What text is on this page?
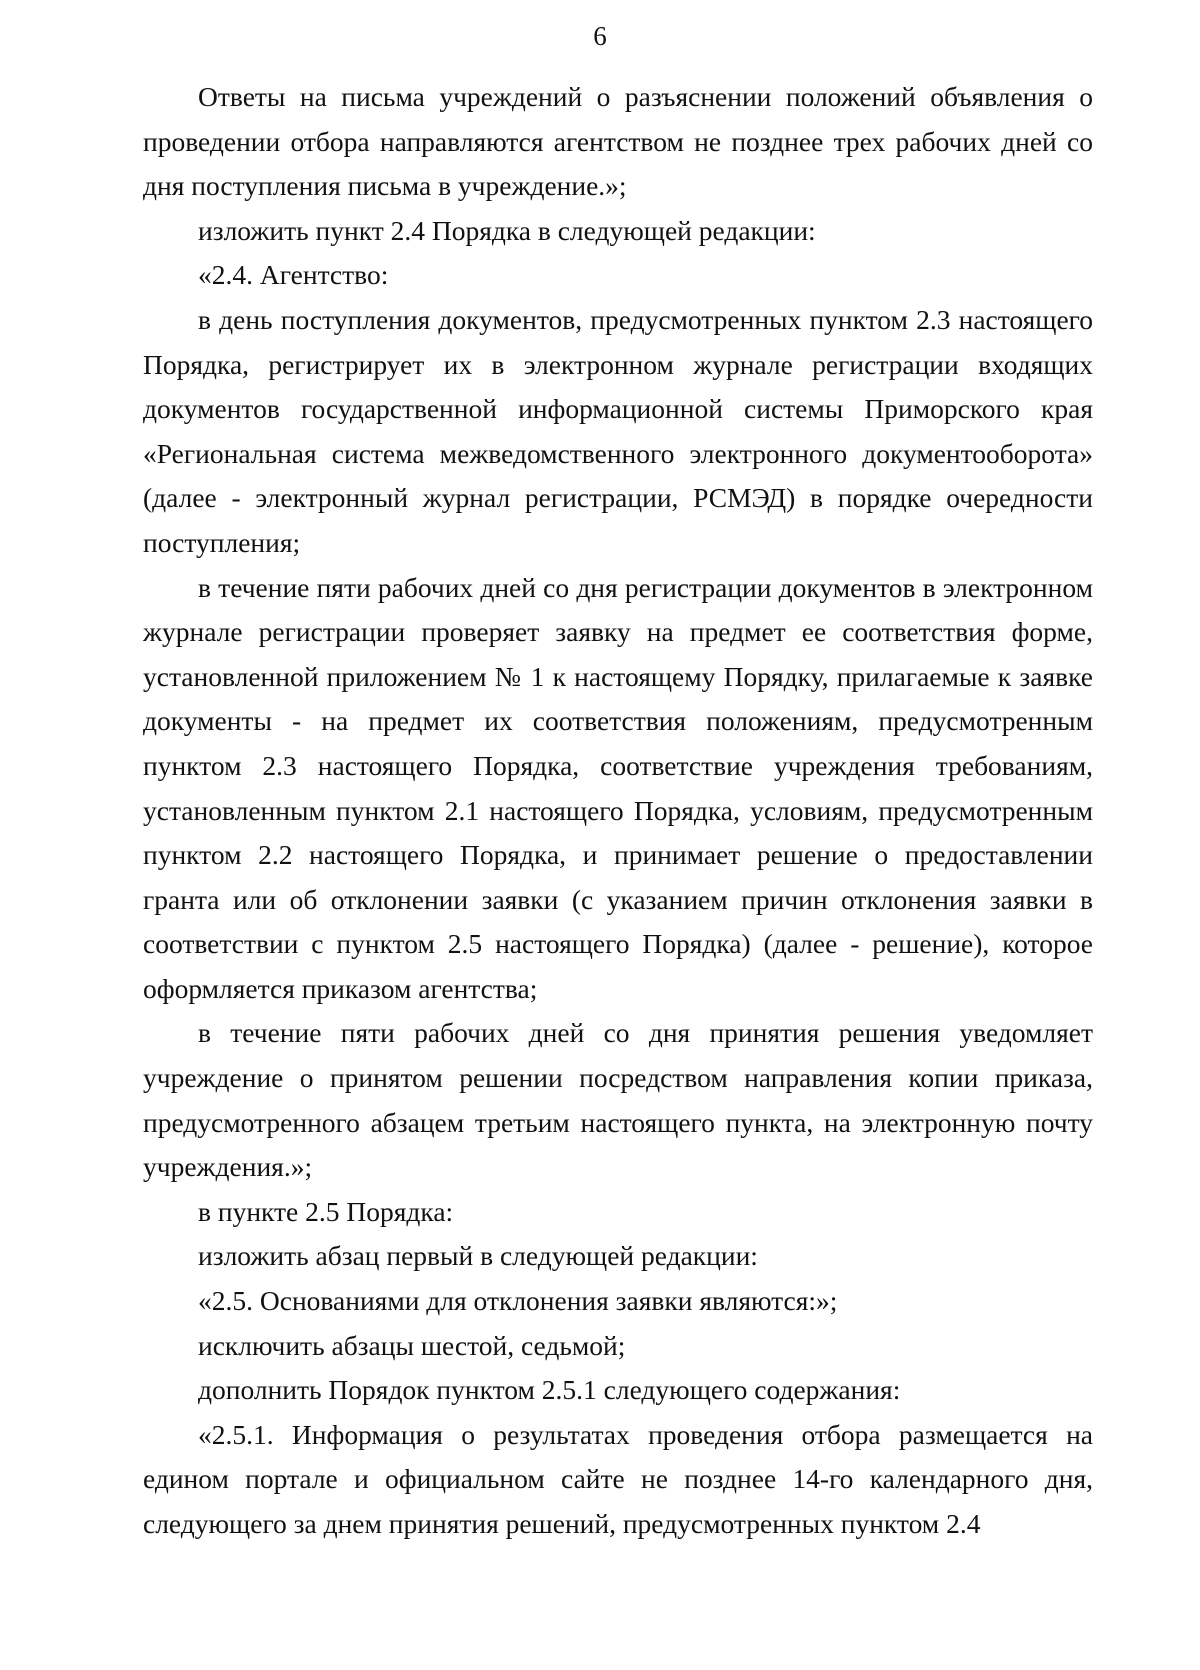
6

Ответы на письма учреждений о разъяснении положений объявления о проведении отбора направляются агентством не позднее трех рабочих дней со дня поступления письма в учреждение.»;

изложить пункт 2.4 Порядка в следующей редакции:

«2.4. Агентство:

в день поступления документов, предусмотренных пунктом 2.3 настоящего Порядка, регистрирует их в электронном журнале регистрации входящих документов государственной информационной системы Приморского края «Региональная система межведомственного электронного документооборота» (далее - электронный журнал регистрации, РСМЭД) в порядке очередности поступления;

в течение пяти рабочих дней со дня регистрации документов в электронном журнале регистрации проверяет заявку на предмет ее соответствия форме, установленной приложением № 1 к настоящему Порядку, прилагаемые к заявке документы - на предмет их соответствия положениям, предусмотренным пунктом 2.3 настоящего Порядка, соответствие учреждения требованиям, установленным пунктом 2.1 настоящего Порядка, условиям, предусмотренным пунктом 2.2 настоящего Порядка, и принимает решение о предоставлении гранта или об отклонении заявки (с указанием причин отклонения заявки в соответствии с пунктом 2.5 настоящего Порядка) (далее - решение), которое оформляется приказом агентства;

в течение пяти рабочих дней со дня принятия решения уведомляет учреждение о принятом решении посредством направления копии приказа, предусмотренного абзацем третьим настоящего пункта, на электронную почту учреждения.»;

в пункте 2.5 Порядка:

изложить абзац первый в следующей редакции:

«2.5. Основаниями для отклонения заявки являются:»;

исключить абзацы шестой, седьмой;

дополнить Порядок пунктом 2.5.1 следующего содержания:

«2.5.1. Информация о результатах проведения отбора размещается на едином портале и официальном сайте не позднее 14-го календарного дня, следующего за днем принятия решений, предусмотренных пунктом 2.4
